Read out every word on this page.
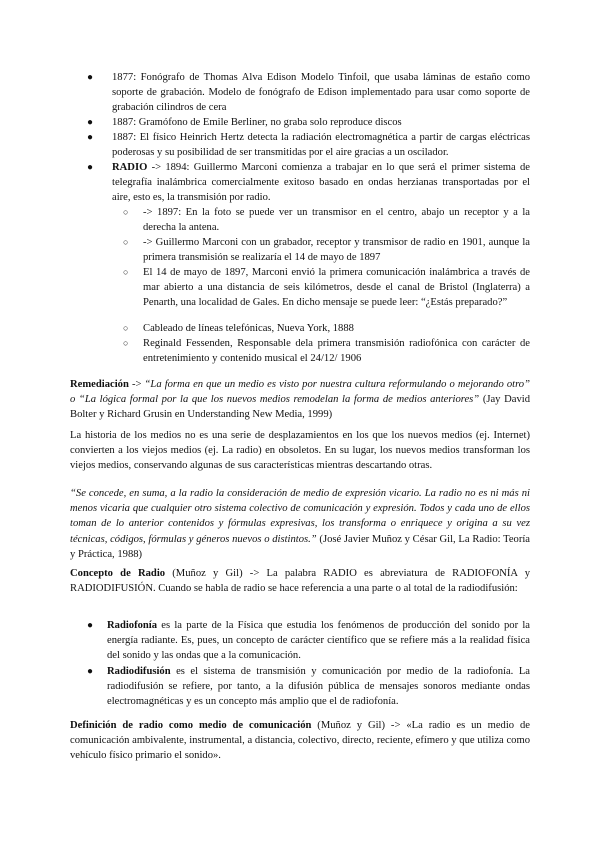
● 1877: Fonógrafo de Thomas Alva Edison Modelo Tinfoil, que usaba láminas de estaño como soporte de grabación. Modelo de fonógrafo de Edison implementado para usar como soporte de grabación cilindros de cera
● 1887: Gramófono de Emile Berliner, no graba solo reproduce discos
● 1887: El físico Heinrich Hertz detecta la radiación electromagnética a partir de cargas eléctricas poderosas y su posibilidad de ser transmitidas por el aire gracias a un oscilador.
● RADIO -> 1894: Guillermo Marconi comienza a trabajar en lo que será el primer sistema de telegrafía inalámbrica comercialmente exitoso basado en ondas herzianas transportadas por el aire, esto es, la transmisión por radio.
○ -> 1897: En la foto se puede ver un transmisor en el centro, abajo un receptor y a la derecha la antena.
○ -> Guillermo Marconi con un grabador, receptor y transmisor de radio en 1901, aunque la primera transmisión se realizaría el 14 de mayo de 1897
○ El 14 de mayo de 1897, Marconi envió la primera comunicación inalámbrica a través de mar abierto a una distancia de seis kilómetros, desde el canal de Bristol (Inglaterra) a Penarth, una localidad de Gales. En dicho mensaje se puede leer: “¿Estás preparado?”
○ Cableado de líneas telefónicas, Nueva York, 1888
○ Reginald Fessenden, Responsable dela primera transmisión radiofónica con carácter de entretenimiento y contenido musical el 24/12/ 1906
Remediación -> “La forma en que un medio es visto por nuestra cultura reformulando o mejorando otro” o “La lógica formal por la que los nuevos medios remodelan la forma de medios anteriores” (Jay David Bolter y Richard Grusin en Understanding New Media, 1999)
La historia de los medios no es una serie de desplazamientos en los que los nuevos medios (ej. Internet) convierten a los viejos medios (ej. La radio) en obsoletos. En su lugar, los nuevos medios transforman los viejos medios, conservando algunas de sus características mientras descartando otras.
“Se concede, en suma, a la radio la consideración de medio de expresión vicario. La radio no es ni más ni menos vicaria que cualquier otro sistema colectivo de comunicación y expresión. Todos y cada uno de ellos toman de lo anterior contenidos y fórmulas expresivas, los transforma o enriquece y origina a su vez técnicas, códigos, fórmulas y géneros nuevos o distintos.” (José Javier Muñoz y César Gil, La Radio: Teoría y Práctica, 1988)
Concepto de Radio (Muñoz y Gil) -> La palabra RADIO es abreviatura de RADIOFONÍA y RADIODIFUSIÓN. Cuando se habla de radio se hace referencia a una parte o al total de la radiodifusión:
● Radiofonía es la parte de la Física que estudia los fenómenos de producción del sonido por la energía radiante. Es, pues, un concepto de carácter científico que se refiere más a la realidad física del sonido y las ondas que a la comunicación.
● Radiodifusión es el sistema de transmisión y comunicación por medio de la radiofonía. La radiodifusión se refiere, por tanto, a la difusión pública de mensajes sonoros mediante ondas electromagnéticas y es un concepto más amplio que el de radiofonía.
Definición de radio como medio de comunicación (Muñoz y Gil) -> «La radio es un medio de comunicación ambivalente, instrumental, a distancia, colectivo, directo, reciente, efímero y que utiliza como vehículo físico primario el sonido».
